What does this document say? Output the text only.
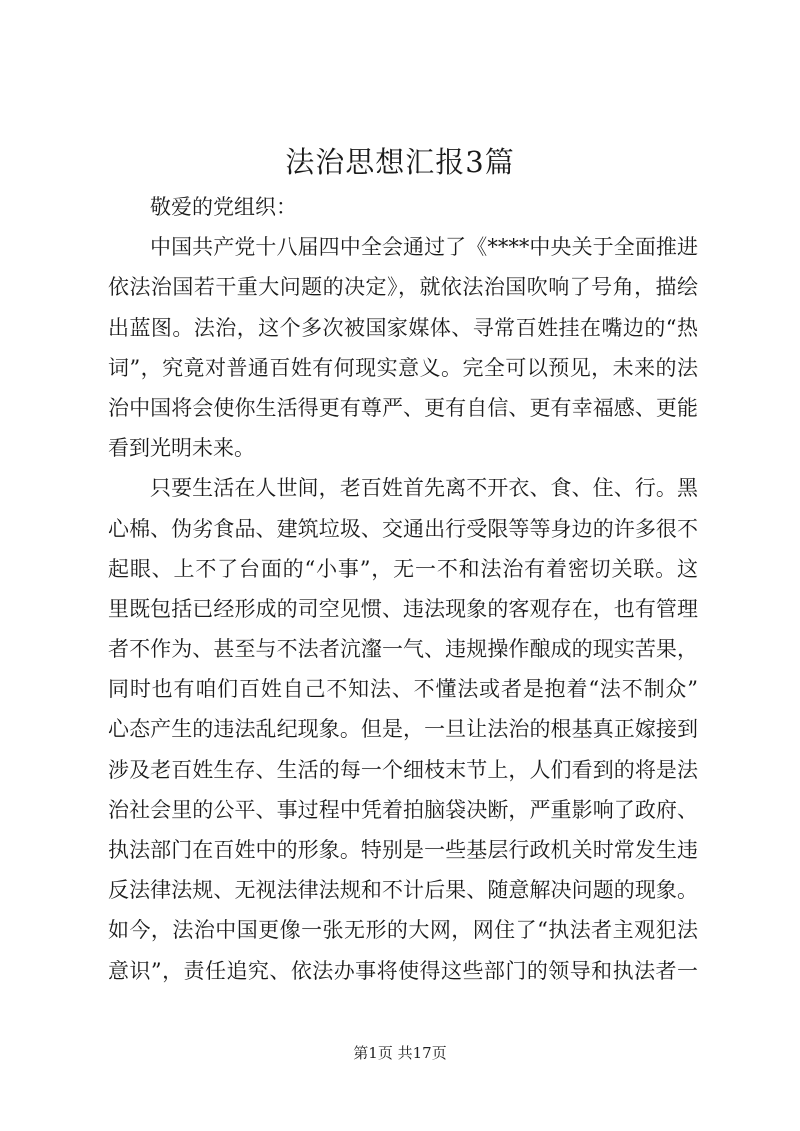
法治思想汇报3篇
敬爱的党组织：
中国共产党十八届四中全会通过了《****中央关于全面推进
依法治国若干重大问题的决定》，就依法治国吹响了号角，描绘
出蓝图。法治，这个多次被国家媒体、寻常百姓挂在嘴边的“热
词”，究竟对普通百姓有何现实意义。完全可以预见，未来的法
治中国将会使你生活得更有尊严、更有自信、更有幸福感、更能
看到光明未来。
只要生活在人世间，老百姓首先离不开衣、食、住、行。黑
心棉、伪劣食品、建筑垃圾、交通出行受限等等身边的许多很不
起眼、上不了台面的“小事”，无一不和法治有着密切关联。这
里既包括已经形成的司空见惯、违法现象的客观存在，也有管理
者不作为、甚至与不法者沆瀣一气、违规操作酿成的现实苦果，
同时也有咱们百姓自己不知法、不懂法或者是抱着“法不制众”
心态产生的违法乱纪现象。但是，一旦让法治的根基真正嫁接到
涉及老百姓生存、生活的每一个细枝末节上，人们看到的将是法
治社会里的公平、事过程中凭着拍脑袋决断，严重影响了政府、
执法部门在百姓中的形象。特别是一些基层行政机关时常发生违
反法律法规、无视法律法规和不计后果、随意解决问题的现象。
如今，法治中国更像一张无形的大网，网住了“执法者主观犯法
意识”，责任追究、依法办事将使得这些部门的领导和执法者一
第1页 共17页
